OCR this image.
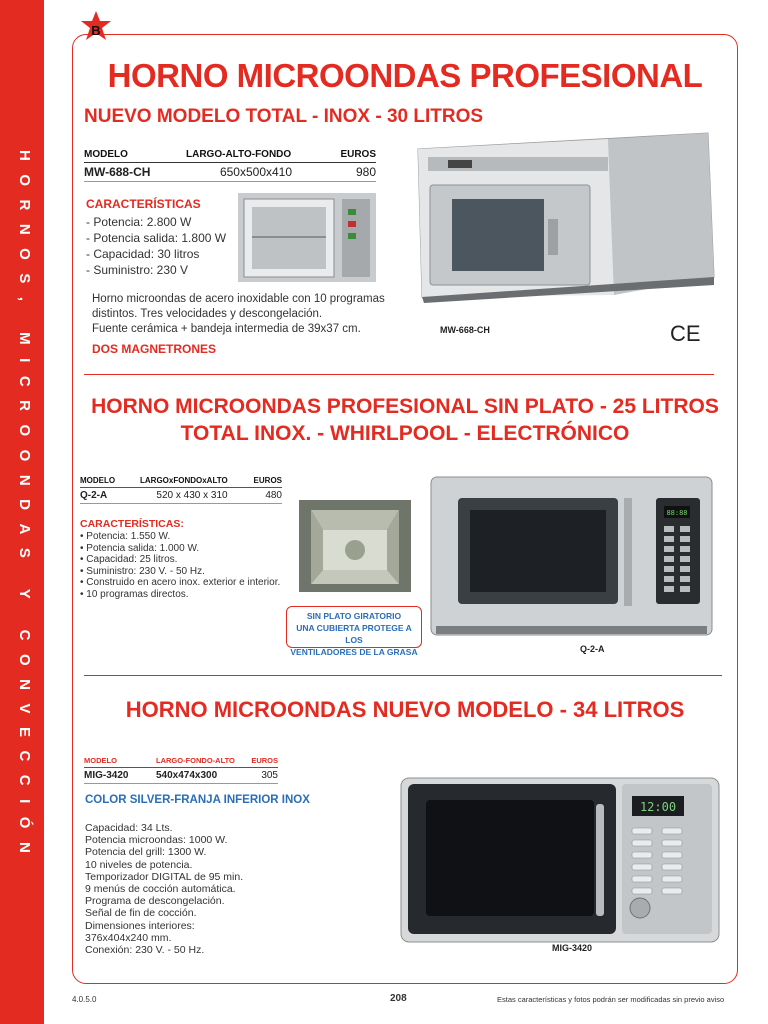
HORNOS, MICROONDAS Y CONVECCIÓN
B
HORNO MICROONDAS PROFESIONAL
NUEVO MODELO TOTAL - INOX - 30 LITROS
MODELO	LARGO-ALTO-FONDO	EUROS
MW-688-CH	650x500x410	980
CARACTERÍSTICAS
- Potencia: 2.800 W
- Potencia salida: 1.800 W
- Capacidad: 30 litros
- Suministro: 230 V
Horno microondas de acero inoxidable con 10 programas
distintos. Tres velocidades y descongelación.
Fuente cerámica + bandeja intermedia de 39x37 cm.
DOS MAGNETRONES
MW-668-CH	CE
HORNO MICROONDAS PROFESIONAL SIN PLATO - 25 LITROS
TOTAL INOX. - WHIRLPOOL - ELECTRÓNICO
MODELO	LARGOxFONDOxALTO	EUROS
Q-2-A	520 x 430 x 310	480
CARACTERÍSTICAS:
• Potencia: 1.550 W.
• Potencia salida: 1.000 W.
• Capacidad: 25 litros.
• Suministro: 230 V. - 50 Hz.
• Construido en acero inox. exterior e interior.
• 10 programas directos.
SIN PLATO GIRATORIO
UNA CUBIERTA PROTEGE A LOS
VENTILADORES DE LA GRASA
88:88
Q-2-A
HORNO MICROONDAS NUEVO MODELO - 34 LITROS
MODELO	LARGO-FONDO-ALTO	EUROS
MIG-3420	540x474x300	305
COLOR SILVER-FRANJA INFERIOR INOX
Capacidad: 34 Lts.
Potencia microondas: 1000 W.
Potencia del grill: 1300 W.
10 niveles de potencia.
Temporizador DIGITAL de 95 min.
9 menús de cocción automática.
Programa de descongelación.
Señal de fin de cocción.
Dimensiones interiores:
376x404x240 mm.
Conexión: 230 V. - 50 Hz.
12:00
MIG-3420
4.0.5.0	208	Estas características y fotos podrán ser modificadas sin previo aviso
